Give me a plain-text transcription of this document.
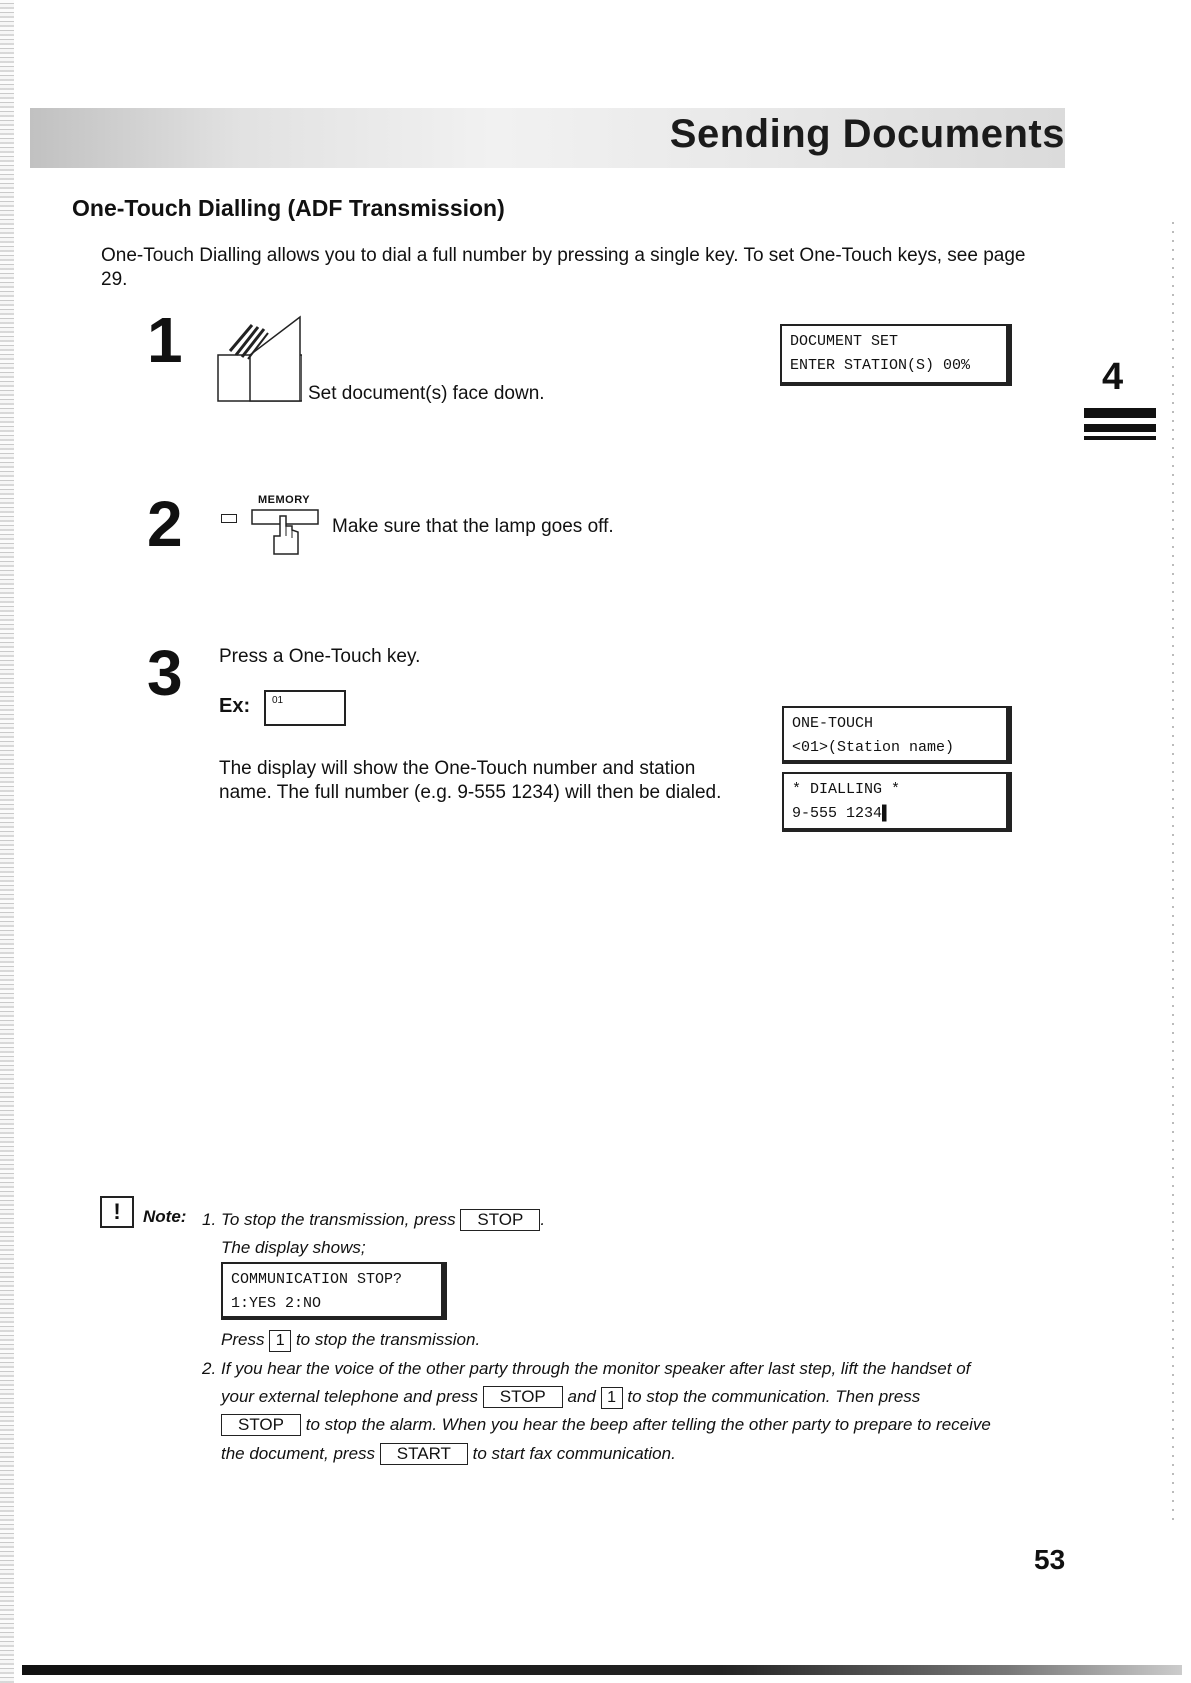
Sending Documents
4
One-Touch Dialling (ADF Transmission)
One-Touch Dialling allows you to dial a full number by pressing a single key. To set One-Touch keys, see page 29.
1
Set document(s) face down.
DOCUMENT SET
ENTER STATION(S) 00%
2	MEMORY
Make sure that the lamp goes off.
3 Press a One-Touch key.
Ex:	01
The display will show the One-Touch number and station name. The full number (e.g. 9-555 1234) will then be dialed.
ONE-TOUCH
<01>(Station name)
* DIALLING *
9-555 1234▌
!	Note: 1. To stop the transmission, press STOP .
The display shows;
COMMUNICATION STOP?
1:YES 2:NO
Press 1 to stop the transmission.
2. If you hear the voice of the other party through the monitor speaker after last step, lift the handset of
your external telephone and press STOP and 1 to stop the communication. Then press
STOP to stop the alarm. When you hear the beep after telling the other party to prepare to receive
the document, press START to start fax communication.
53
